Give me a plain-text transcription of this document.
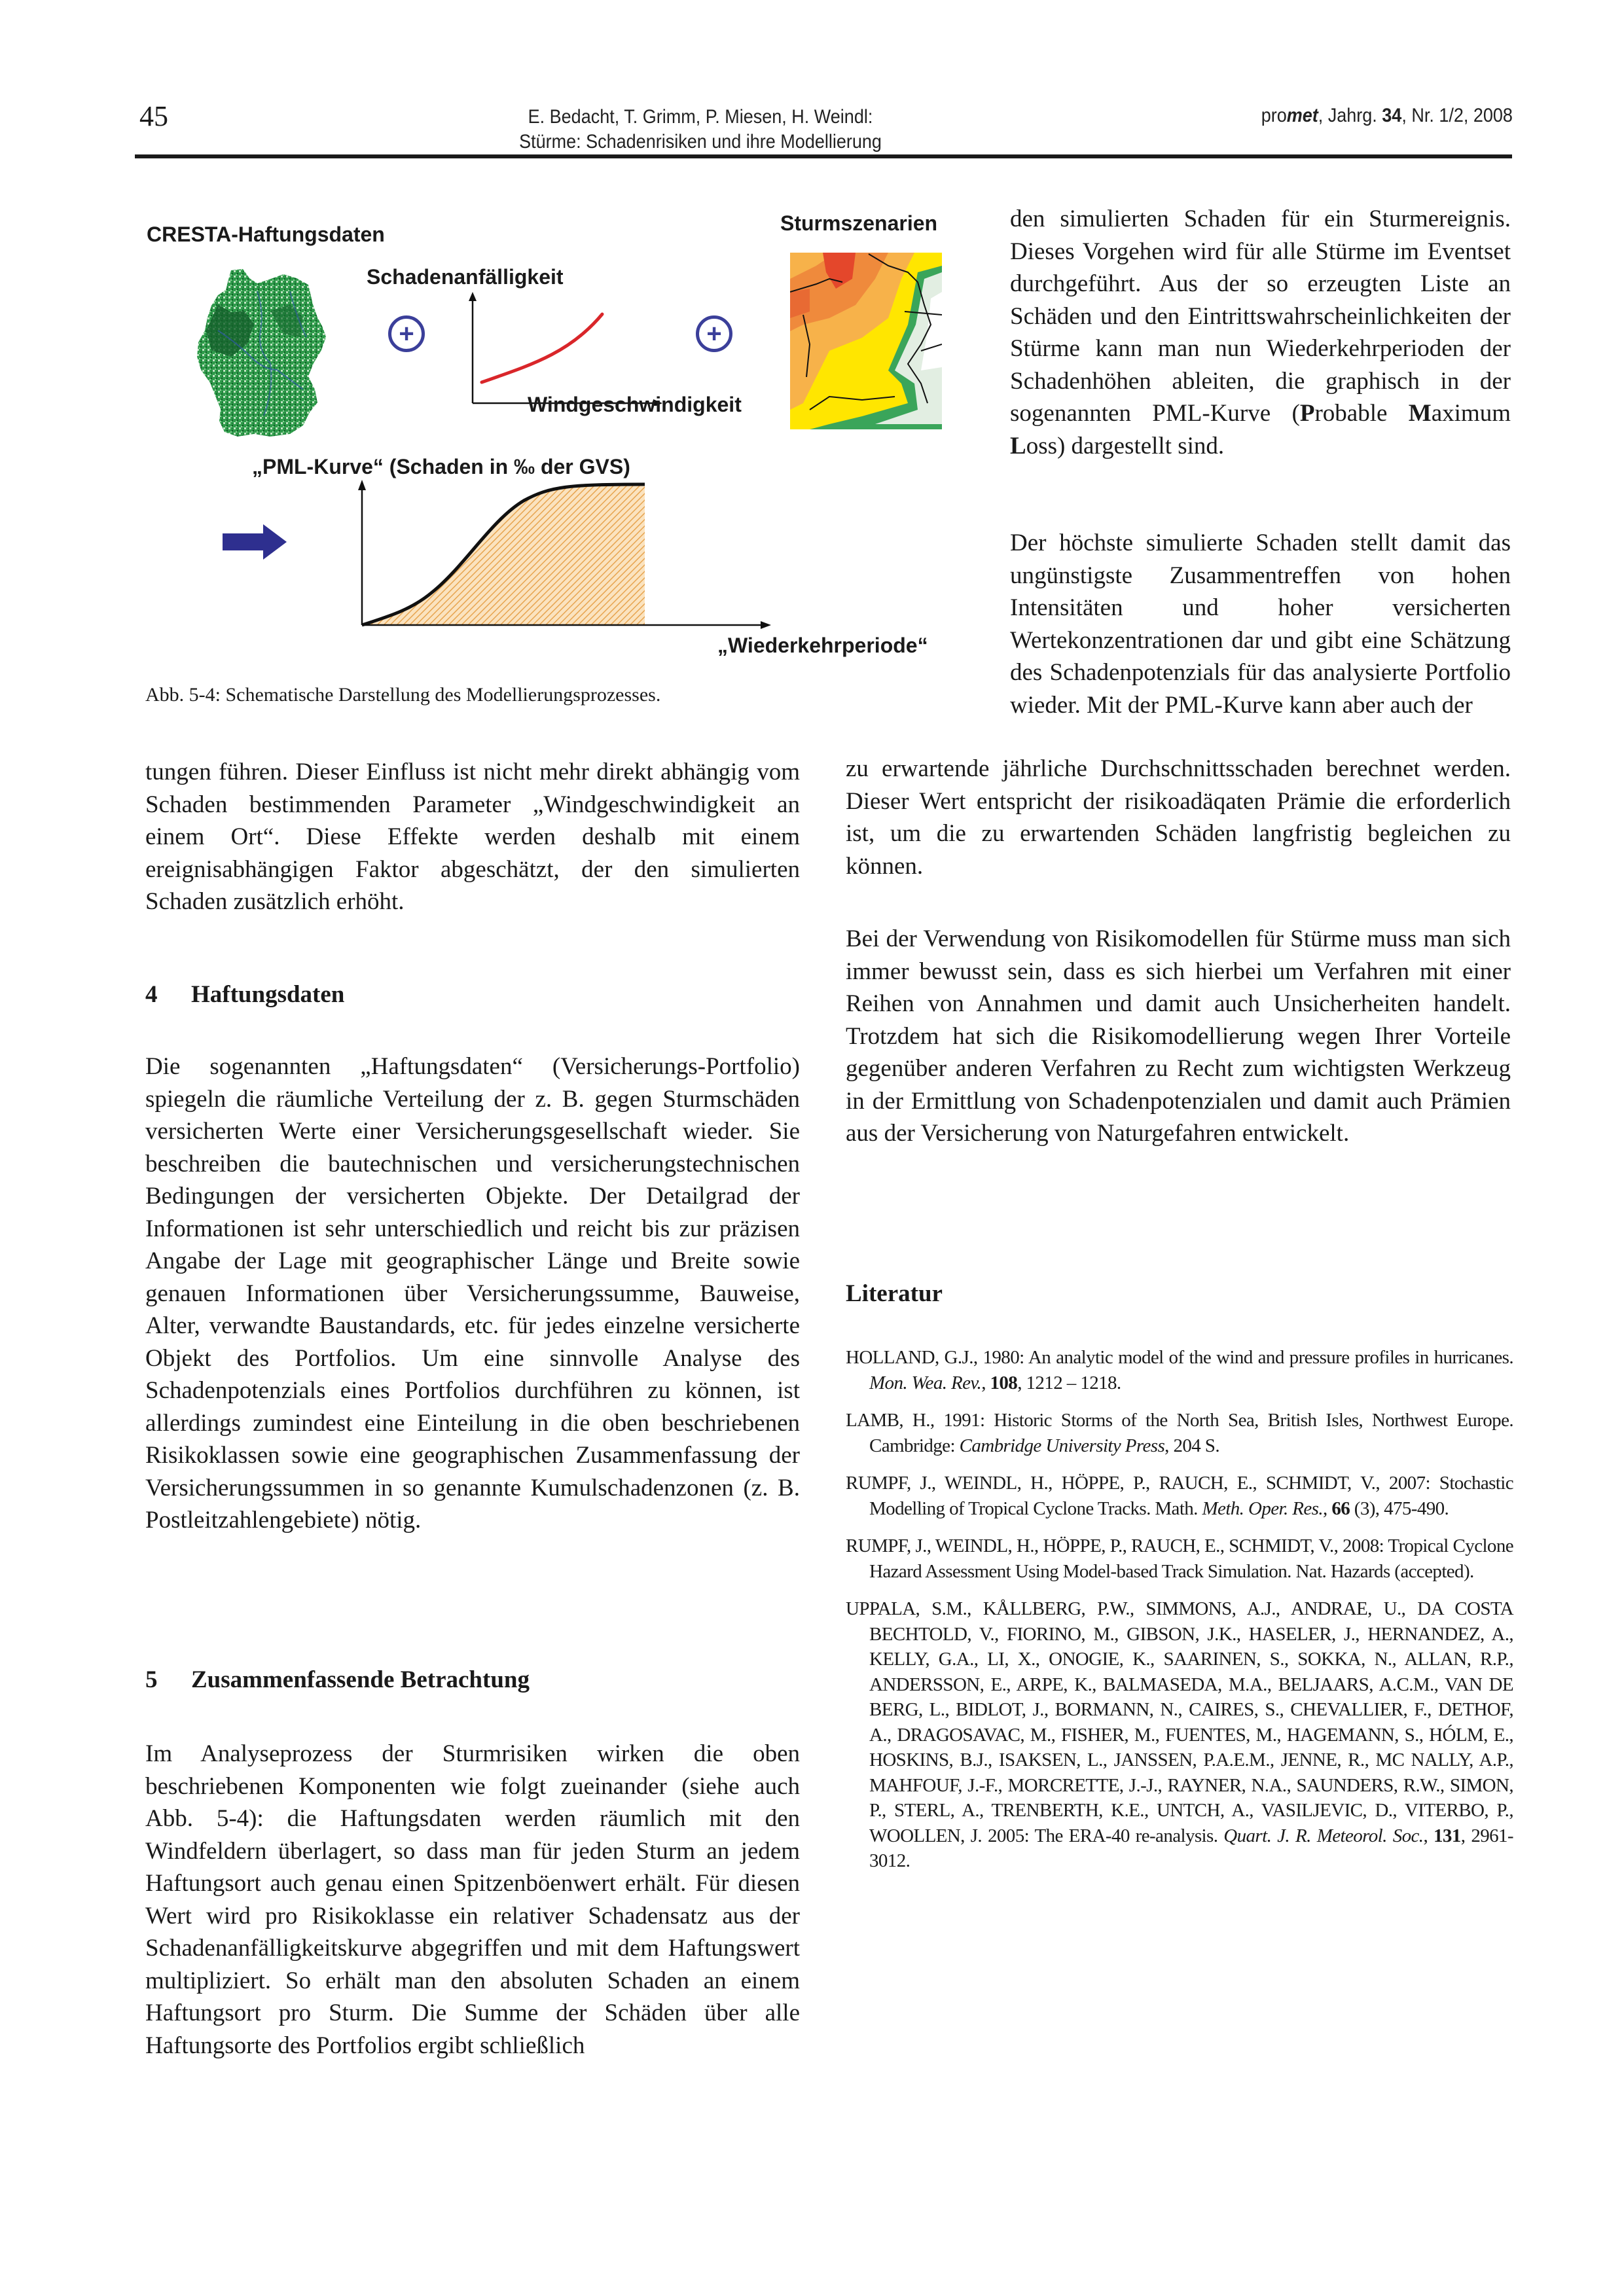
45	E. Bedacht, T. Grimm, P. Miesen, H. Weindl:
Stürme: Schadenrisiken und ihre Modellierung
promet, Jahrg. 34, Nr. 1/2, 2008
CRESTA-Haftungsdaten
+
Schadenanfälligkeit
Windgeschwindigkeit
+
Sturmszenarien
„PML-Kurve“ (Schaden in ‰ der GVS)
„Wiederkehrperiode“
Abb. 5-4: Schematische Darstellung des Modellierungsprozesses.

tungen führen. Dieser Einfluss ist nicht mehr direkt abhängig vom Schaden bestimmenden Parameter „Windgeschwindigkeit an einem Ort“. Diese Effekte werden deshalb mit einem ereignisabhängigen Faktor abgeschätzt, der den simulierten Schaden zusätzlich erhöht.

4 Haftungsdaten

Die sogenannten „Haftungsdaten“ (Versicherungs-Portfolio) spiegeln die räumliche Verteilung der z. B. gegen Sturmschäden versicherten Werte einer Versicherungsgesellschaft wieder. Sie beschreiben die bautechnischen und versicherungstechnischen Bedingungen der versicherten Objekte. Der Detailgrad der Informationen ist sehr unterschiedlich und reicht bis zur präzisen Angabe der Lage mit geographischer Länge und Breite sowie genauen Informationen über Versicherungssumme, Bauweise, Alter, verwandte Baustandards, etc. für jedes einzelne versicherte Objekt des Portfolios. Um eine sinnvolle Analyse des Schadenpotenzials eines Portfolios durchführen zu können, ist allerdings zumindest eine Einteilung in die oben beschriebenen Risikoklassen sowie eine geographischen Zusammenfassung der Versicherungssummen in so genannte Kumulschadenzonen (z. B. Postleitzahlengebiete) nötig.

5 Zusammenfassende Betrachtung

Im Analyseprozess der Sturmrisiken wirken die oben beschriebenen Komponenten wie folgt zueinander (siehe auch Abb. 5-4): die Haftungsdaten werden räumlich mit den Windfeldern überlagert, so dass man für jeden Sturm an jedem Haftungsort auch genau einen Spitzenböenwert erhält. Für diesen Wert wird pro Risikoklasse ein relativer Schadensatz aus der Schadenanfälligkeitskurve abgegriffen und mit dem Haftungswert multipliziert. So erhält man den absoluten Schaden an einem Haftungsort pro Sturm. Die Summe der Schäden über alle Haftungsorte des Portfolios ergibt schließlich

den simulierten Schaden für ein Sturmereignis. Dieses Vorgehen wird für alle Stürme im Eventset durchgeführt. Aus der so erzeugten Liste an Schäden und den Eintrittswahrscheinlichkeiten der Stürme kann man nun Wiederkehrperioden der Schadenhöhen ableiten, die graphisch in der sogenannten PML-Kurve (Probable Maximum Loss) dargestellt sind.

Der höchste simulierte Schaden stellt damit das ungünstigste Zusammentreffen von hohen Intensitäten und hoher versicherten Wertekonzentrationen dar und gibt eine Schätzung des Schadenpotenzials für das analysierte Portfolio wieder. Mit der PML-Kurve kann aber auch der

zu erwartende jährliche Durchschnittsschaden berechnet werden. Dieser Wert entspricht der risikoadäqaten Prämie die erforderlich ist, um die zu erwartenden Schäden langfristig begleichen zu können.

Bei der Verwendung von Risikomodellen für Stürme muss man sich immer bewusst sein, dass es sich hierbei um Verfahren mit einer Reihen von Annahmen und damit auch Unsicherheiten handelt. Trotzdem hat sich die Risikomodellierung wegen Ihrer Vorteile gegenüber anderen Verfahren zu Recht zum wichtigsten Werkzeug in der Ermittlung von Schadenpotenzialen und damit auch Prämien aus der Versicherung von Naturgefahren entwickelt.

Literatur
HOLLAND, G.J., 1980: An analytic model of the wind and pressure profiles in hurricanes. Mon. Wea. Rev., 108, 1212 – 1218.
LAMB, H., 1991: Historic Storms of the North Sea, British Isles, Northwest Europe. Cambridge: Cambridge University Press, 204 S.
RUMPF, J., WEINDL, H., HÖPPE, P., RAUCH, E., SCHMIDT, V., 2007: Stochastic Modelling of Tropical Cyclone Tracks. Math. Meth. Oper. Res., 66 (3), 475-490.
RUMPF, J., WEINDL, H., HÖPPE, P., RAUCH, E., SCHMIDT, V., 2008: Tropical Cyclone Hazard Assessment Using Model-based Track Simulation. Nat. Hazards (accepted).
UPPALA, S.M., KÅLLBERG, P.W., SIMMONS, A.J., ANDRAE, U., DA COSTA BECHTOLD, V., FIORINO, M., GIBSON, J.K., HASELER, J., HERNANDEZ, A., KELLY, G.A., LI, X., ONOGIE, K., SAARINEN, S., SOKKA, N., ALLAN, R.P., ANDERSSON, E., ARPE, K., BALMASEDA, M.A., BELJAARS, A.C.M., VAN DE BERG, L., BIDLOT, J., BORMANN, N., CAIRES, S., CHEVALLIER, F., DETHOF, A., DRAGOSAVAC, M., FISHER, M., FUENTES, M., HAGEMANN, S., HÓLM, E., HOSKINS, B.J., ISAKSEN, L., JANSSEN, P.A.E.M., JENNE, R., MC NALLY, A.P., MAHFOUF, J.-F., MORCRETTE, J.-J., RAYNER, N.A., SAUNDERS, R.W., SIMON, P., STERL, A., TRENBERTH, K.E., UNTCH, A., VASILJEVIC, D., VITERBO, P., WOOLLEN, J. 2005: The ERA-40 re-analysis. Quart. J. R. Meteorol. Soc., 131, 2961-3012.
